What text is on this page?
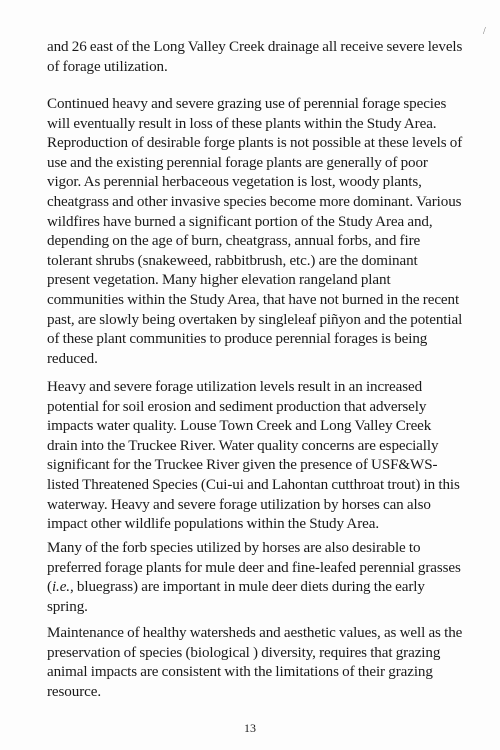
/

and 26 east of the Long Valley Creek drainage all receive severe levels of forage utilization.

Continued heavy and severe grazing use of perennial forage species will eventually result in loss of these plants within the Study Area. Reproduction of desirable forge plants is not possible at these levels of use and the existing perennial forage plants are generally of poor vigor. As perennial herbaceous vegetation is lost, woody plants, cheatgrass and other invasive species become more dominant. Various wildfires have burned a significant portion of the Study Area and, depending on the age of burn, cheatgrass, annual forbs, and fire tolerant shrubs (snakeweed, rabbitbrush, etc.) are the dominant present vegetation. Many higher elevation rangeland plant communities within the Study Area, that have not burned in the recent past, are slowly being overtaken by singleleaf piñyon and the potential of these plant communities to produce perennial forages is being reduced.

Heavy and severe forage utilization levels result in an increased potential for soil erosion and sediment production that adversely impacts water quality. Louse Town Creek and Long Valley Creek drain into the Truckee River. Water quality concerns are especially significant for the Truckee River given the presence of USF&WS-listed Threatened Species (Cui-ui and Lahontan cutthroat trout) in this waterway. Heavy and severe forage utilization by horses can also impact other wildlife populations within the Study Area.

Many of the forb species utilized by horses are also desirable to preferred forage plants for mule deer and fine-leafed perennial grasses (i.e., bluegrass) are important in mule deer diets during the early spring.

Maintenance of healthy watersheds and aesthetic values, as well as the preservation of species (biological ) diversity, requires that grazing animal impacts are consistent with the limitations of their grazing resource.

13
